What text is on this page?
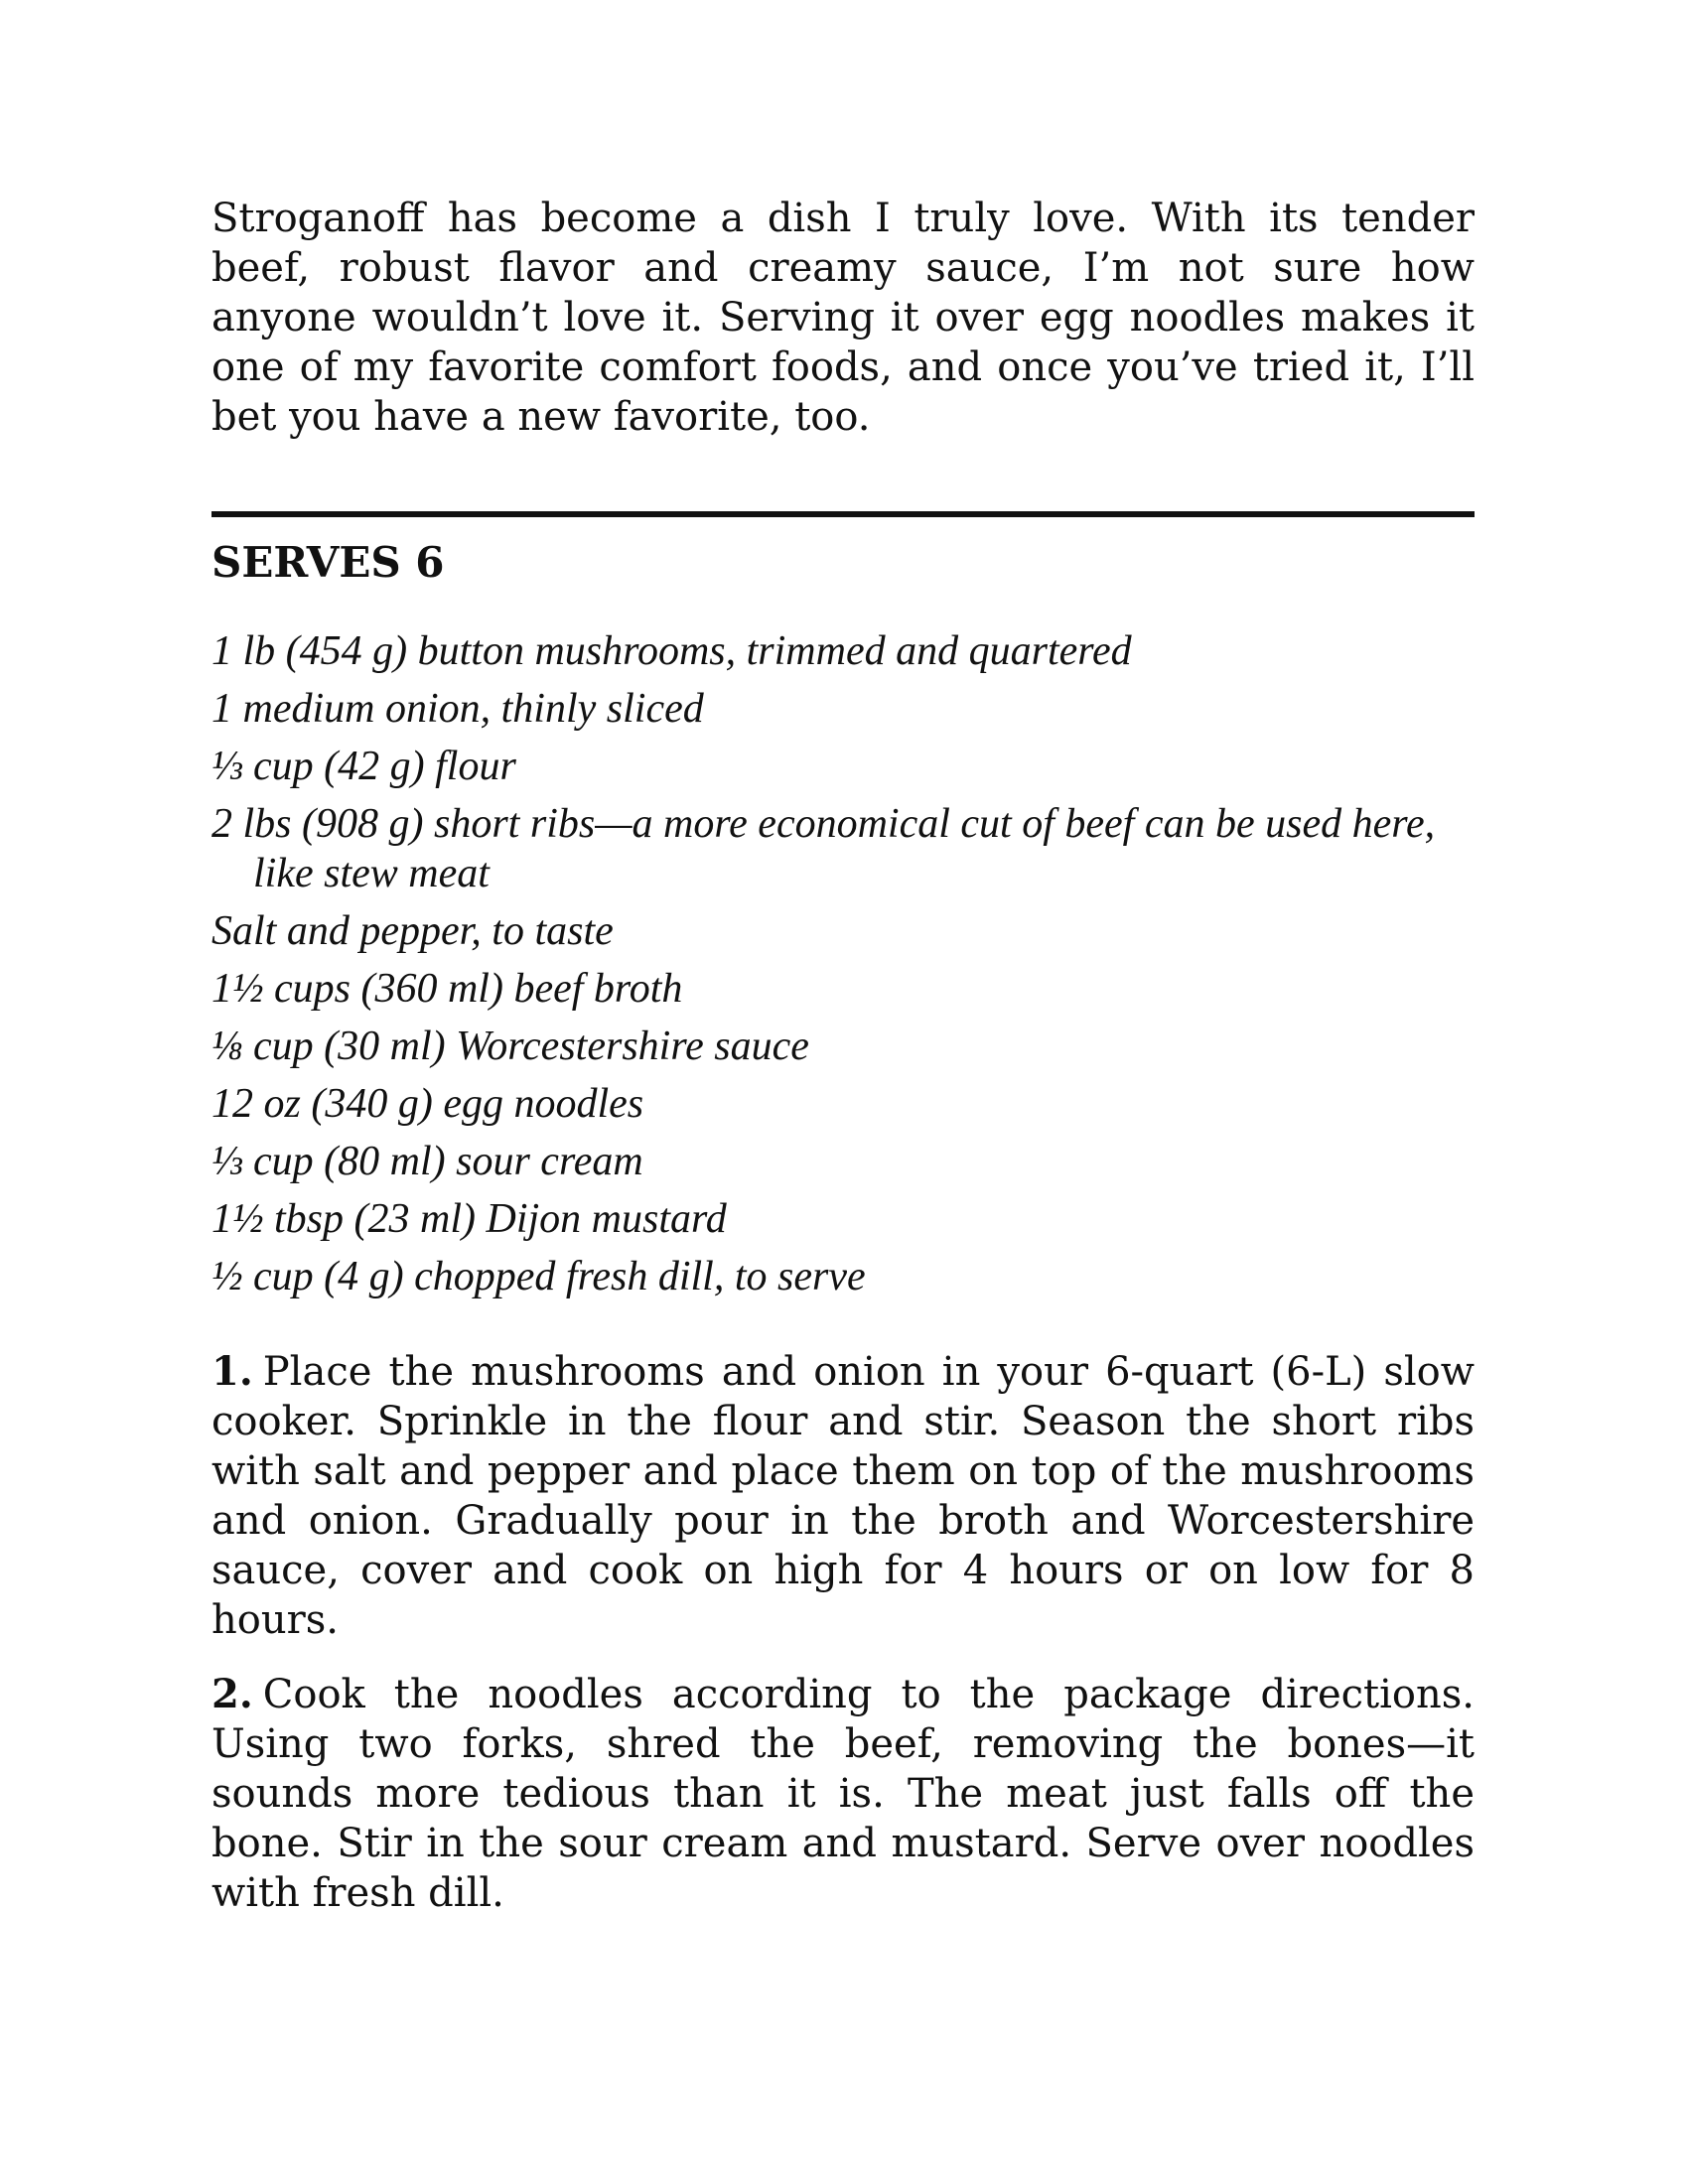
Stroganoff has become a dish I truly love. With its tender beef, robust flavor and creamy sauce, I’m not sure how anyone wouldn’t love it. Serving it over egg noodles makes it one of my favorite comfort foods, and once you’ve tried it, I’ll bet you have a new favorite, too.

SERVES 6
1 lb (454 g) button mushrooms, trimmed and quartered
1 medium onion, thinly sliced
⅓ cup (42 g) flour
2 lbs (908 g) short ribs—a more economical cut of beef can be used here, like stew meat
Salt and pepper, to taste
1½ cups (360 ml) beef broth
⅛ cup (30 ml) Worcestershire sauce
12 oz (340 g) egg noodles
⅓ cup (80 ml) sour cream
1½ tbsp (23 ml) Dijon mustard
½ cup (4 g) chopped fresh dill, to serve

1. Place the mushrooms and onion in your 6-quart (6-L) slow cooker. Sprinkle in the flour and stir. Season the short ribs with salt and pepper and place them on top of the mushrooms and onion. Gradually pour in the broth and Worcestershire sauce, cover and cook on high for 4 hours or on low for 8 hours.

2. Cook the noodles according to the package directions. Using two forks, shred the beef, removing the bones—it sounds more tedious than it is. The meat just falls off the bone. Stir in the sour cream and mustard. Serve over noodles with fresh dill.
